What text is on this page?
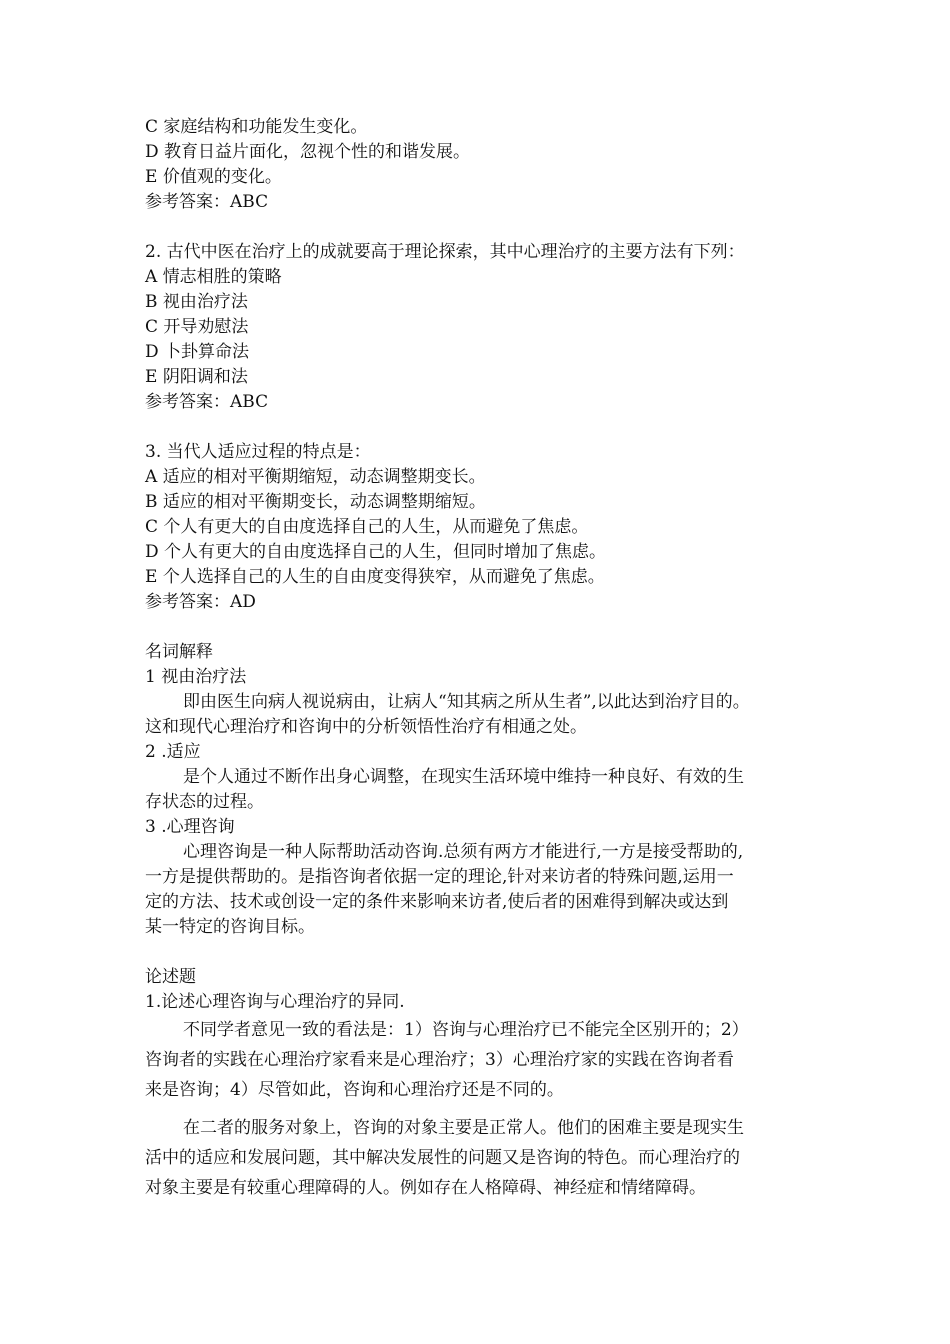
C 家庭结构和功能发生变化。
D 教育日益片面化，忽视个性的和谐发展。
E 价值观的变化。
参考答案：ABC
2. 古代中医在治疗上的成就要高于理论探索，其中心理治疗的主要方法有下列：
A 情志相胜的策略
B 视由治疗法
C 开导劝慰法
D 卜卦算命法
E 阴阳调和法
参考答案：ABC
3. 当代人适应过程的特点是：
A 适应的相对平衡期缩短，动态调整期变长。
B 适应的相对平衡期变长，动态调整期缩短。
C 个人有更大的自由度选择自己的人生，从而避免了焦虑。
D 个人有更大的自由度选择自己的人生，但同时增加了焦虑。
E 个人选择自己的人生的自由度变得狭窄，从而避免了焦虑。
参考答案：AD
名词解释
1 视由治疗法
即由医生向病人视说病由，让病人“知其病之所从生者”,以此达到治疗目的。
这和现代心理治疗和咨询中的分析领悟性治疗有相通之处。
2 .适应
是个人通过不断作出身心调整，在现实生活环境中维持一种良好、有效的生
存状态的过程。
3 .心理咨询
心理咨询是一种人际帮助活动咨询.总须有两方才能进行,一方是接受帮助的,
一方是提供帮助的。是指咨询者依据一定的理论,针对来访者的特殊问题,运用一
定的方法、技术或创设一定的条件来影响来访者,使后者的困难得到解决或达到
某一特定的咨询目标。
论述题
1.论述心理咨询与心理治疗的异同.
不同学者意见一致的看法是：1）咨询与心理治疗已不能完全区别开的；2）
咨询者的实践在心理治疗家看来是心理治疗；3）心理治疗家的实践在咨询者看
来是咨询；4）尽管如此，咨询和心理治疗还是不同的。
在二者的服务对象上，咨询的对象主要是正常人。他们的困难主要是现实生
活中的适应和发展问题，其中解决发展性的问题又是咨询的特色。而心理治疗的
对象主要是有较重心理障碍的人。例如存在人格障碍、神经症和情绪障碍。
